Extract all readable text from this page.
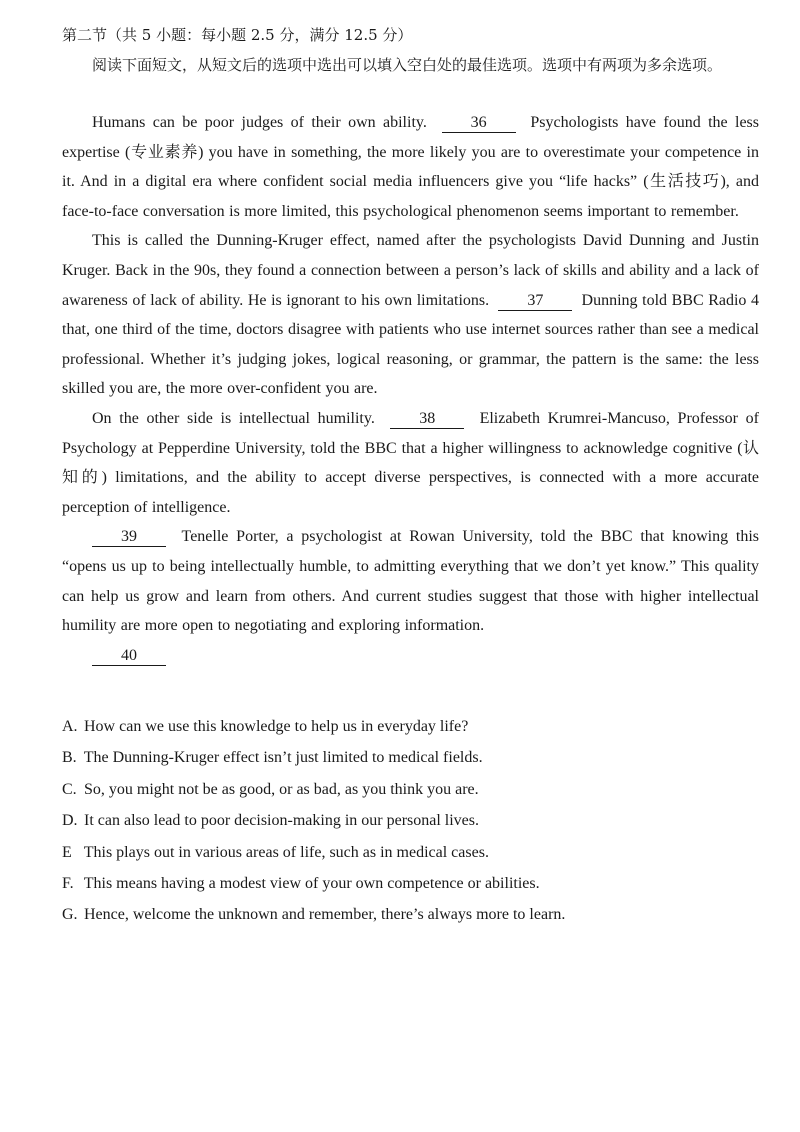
第二节（共 5 小题：每小题 2.5 分，满分 12.5 分）
阅读下面短文，从短文后的选项中选出可以填入空白处的最佳选项。选项中有两项为多余选项。

Humans can be poor judges of their own ability.	36	Psychologists have found the less expertise (专业素养) you have in something, the more likely you are to overestimate your competence in it. And in a digital era where confident social media influencers give you “life hacks” (生活技巧), and face-to-face conversation is more limited, this psychological phenomenon seems important to remember.

This is called the Dunning-Kruger effect, named after the psychologists David Dunning and Justin Kruger. Back in the 90s, they found a connection between a person’s lack of skills and ability and a lack of awareness of lack of ability. He is ignorant to his own limitations. 37 Dunning told BBC Radio 4 that, one third of the time, doctors disagree with patients who use internet sources rather than see a medical professional. Whether it’s judging jokes, logical reasoning, or grammar, the pattern is the same: the less skilled you are, the more over-confident you are.

On the other side is intellectual humility.	38	Elizabeth Krumrei-Mancuso, Professor of Psychology at Pepperdine University, told the BBC that a higher willingness to acknowledge cognitive (认知的) limitations, and the ability to accept diverse perspectives, is connected with a more accurate perception of intelligence.

39	Tenelle Porter, a psychologist at Rowan University, told the BBC that knowing this “opens us up to being intellectually humble, to admitting everything that we don’t yet know.” This quality can help us grow and learn from others. And current studies suggest that those with higher intellectual humility are more open to negotiating and exploring information.

40

A. How can we use this knowledge to help us in everyday life?
B. The Dunning-Kruger effect isn’t just limited to medical fields.
C. So, you might not be as good, or as bad, as you think you are.
D. It can also lead to poor decision-making in our personal lives.
E This plays out in various areas of life, such as in medical cases.
F. This means having a modest view of your own competence or abilities.
G. Hence, welcome the unknown and remember, there’s always more to learn.
